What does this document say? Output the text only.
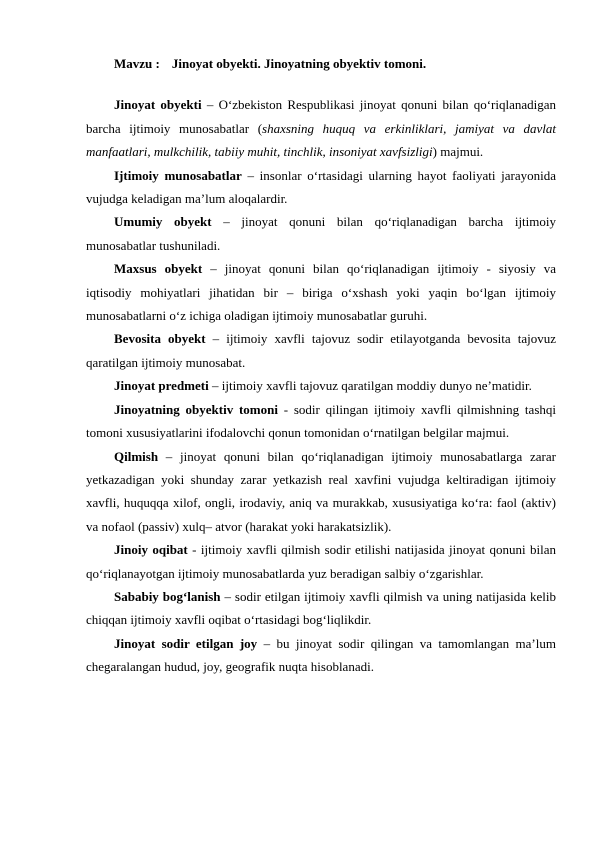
Mavzu : Jinoyat obyekti. Jinoyatning obyektiv tomoni.

Jinoyat obyekti – O‘zbekiston Respublikasi jinoyat qonuni bilan qo‘riqlanadigan barcha ijtimoiy munosabatlar (shaxsning huquq va erkinliklari, jamiyat va davlat manfaatlari, mulkchilik, tabiiy muhit, tinchlik, insoniyat xavfsizligi) majmui.

Ijtimoiy munosabatlar – insonlar o‘rtasidagi ularning hayot faoliyati jarayonida vujudga keladigan ma’lum aloqalardir.

Umumiy obyekt – jinoyat qonuni bilan qo‘riqlanadigan barcha ijtimoiy munosabatlar tushuniladi.

Maxsus obyekt – jinoyat qonuni bilan qo‘riqlanadigan ijtimoiy - siyosiy va iqtisodiy mohiyatlari jihatidan bir – biriga o‘xshash yoki yaqin bo‘lgan ijtimoiy munosabatlarni o‘z ichiga oladigan ijtimoiy munosabatlar guruhi.

Bevosita obyekt – ijtimoiy xavfli tajovuz sodir etilayotganda bevosita tajovuz qaratilgan ijtimoiy munosabat.

Jinoyat predmeti – ijtimoiy xavfli tajovuz qaratilgan moddiy dunyo ne’matidir.

Jinoyatning obyektiv tomoni - sodir qilingan ijtimoiy xavfli qilmishning tashqi tomoni xususiyatlarini ifodalovchi qonun tomonidan o‘rnatilgan belgilar majmui.

Qilmish – jinoyat qonuni bilan qo‘riqlanadigan ijtimoiy munosabatlarga zarar yetkazadigan yoki shunday zarar yetkazish real xavfini vujudga keltiradigan ijtimoiy xavfli, huquqqa xilof, ongli, irodaviy, aniq va murakkab, xususiyatiga ko‘ra: faol (aktiv) va nofaol (passiv) xulq– atvor (harakat yoki harakatsizlik).

Jinoiy oqibat - ijtimoiy xavfli qilmish sodir etilishi natijasida jinoyat qonuni bilan qo‘riqlanayotgan ijtimoiy munosabatlarda yuz beradigan salbiy o‘zgarishlar.

Sababiy bog‘lanish – sodir etilgan ijtimoiy xavfli qilmish va uning natijasida kelib chiqqan ijtimoiy xavfli oqibat o‘rtasidagi bog‘liqlikdir.

Jinoyat sodir etilgan joy – bu jinoyat sodir qilingan va tamomlangan ma’lum chegaralangan hudud, joy, geografik nuqta hisoblanadi.
